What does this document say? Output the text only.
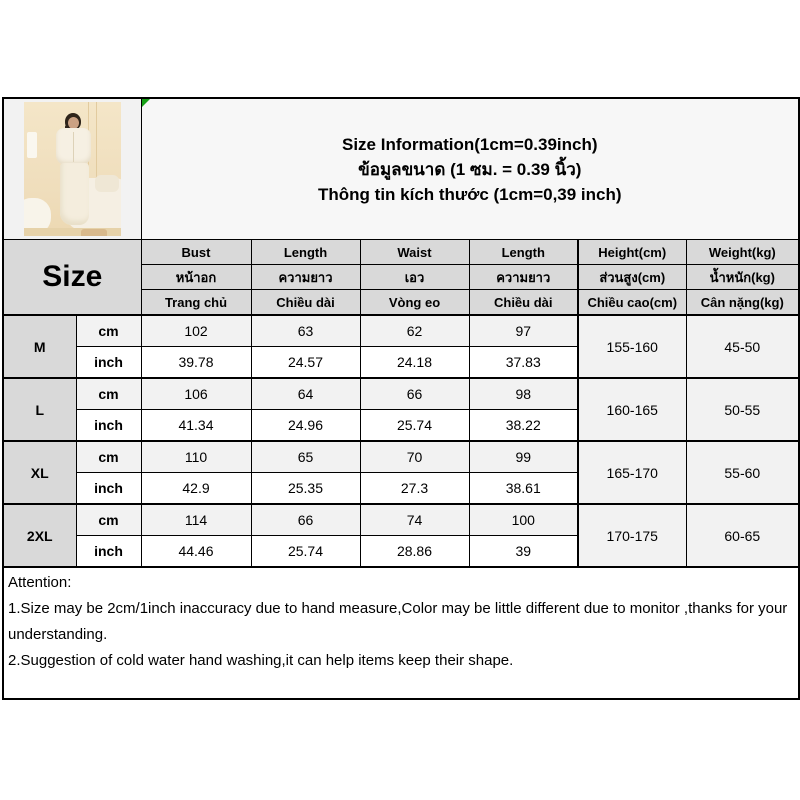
		Size Information(1cm=0.39inch)
ข้อมูลขนาด (1 ซม. = 0.39 นิ้ว)
Thông tin kích thước (1cm=0,39 inch)					

Size		Bust	Length	Waist	Length	Height(cm)	Weight(kg)
		หน้าอก	ความยาว	เอว	ความยาว	ส่วนสูง(cm)	น้ำหนัก(kg)
		Trang chủ	Chiều dài	Vòng eo	Chiều dài	Chiều cao(cm)	Cân nặng(kg)
M	cm	102	63	62	97	155-160	45-50
	inch	39.78	24.57	24.18	37.83		
L	cm	106	64	66	98	160-165	50-55
	inch	41.34	24.96	25.74	38.22		
XL	cm	110	65	70	99	165-170	55-60
	inch	42.9	25.35	27.3	38.61		
2XL	cm	114	66	74	100	170-175	60-65
	inch	44.46	25.74	28.86	39		

Attention:
1.Size may be 2cm/1inch inaccuracy due to hand measure,Color may be little different due to monitor ,thanks for your understanding.
2.Suggestion of cold water hand washing,it can help items keep their shape.							
